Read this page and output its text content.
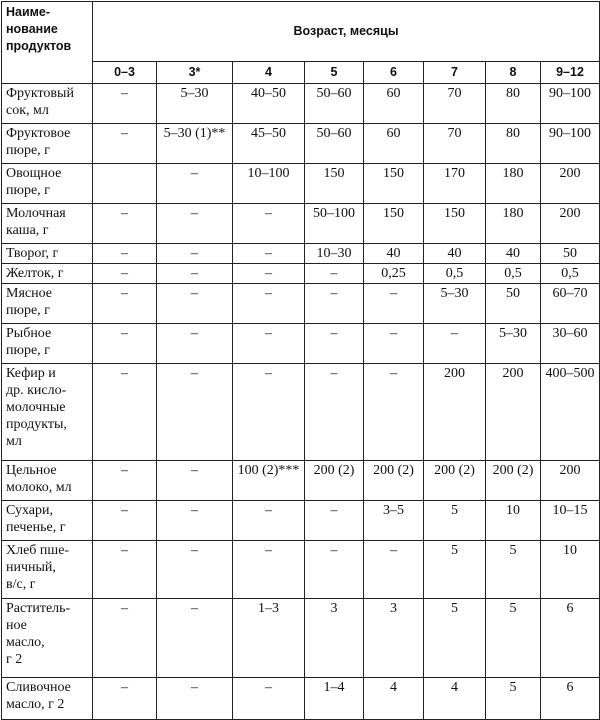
Наиме-
нование
продуктов	Возраст, месяцы							
	0–3	3*	4	5	6	7	8	9–12
Фруктовый
сок, мл	–	5–30	40–50	50–60	60	70	80	90–100
Фруктовое
пюре, г	–	5–30 (1)**	45–50	50–60	60	70	80	90–100
Овощное
пюре, г		–	10–100	150	150	170	180	200
Молочная
каша, г	–	–	–	50–100	150	150	180	200
Творог, г	–	–	–	10–30	40	40	40	50
Желток, г	–	–	–	–	0,25	0,5	0,5	0,5
Мясное
пюре, г	–	–	–	–	–	5–30	50	60–70
Рыбное
пюре, г	–	–	–	–	–	–	5–30	30–60
Кефир и
др. кисло-
молочные
продукты,
мл	–	–	–	–	–	200	200	400–500
Цельное
молоко, мл	–	–	100 (2)***	200 (2)	200 (2)	200 (2)	200 (2)	200
Сухари,
печенье, г	–	–	–	–	3–5	5	10	10–15
Хлеб пше-
ничный,
в/с, г	–	–	–	–	–	5	5	10
Раститель-
ное
масло,
г 2	–	–	1–3	3	3	5	5	6
Сливочное
масло, г 2	–	–	–	1–4	4	4	5	6
